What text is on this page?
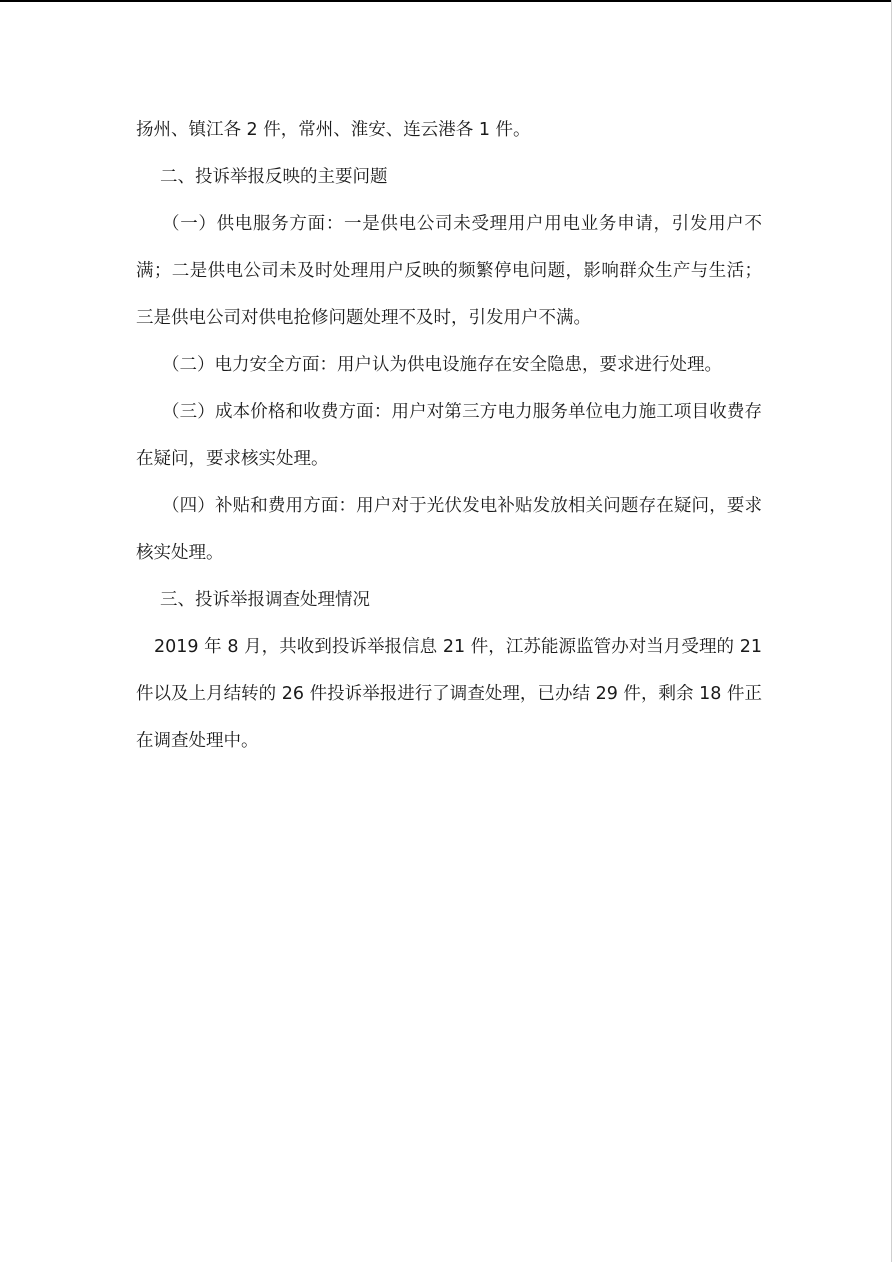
扬州、镇江各 2 件，常州、淮安、连云港各 1 件。

二、投诉举报反映的主要问题

（一）供电服务方面：一是供电公司未受理用户用电业务申请，引发用户不满；二是供电公司未及时处理用户反映的频繁停电问题，影响群众生产与生活；三是供电公司对供电抢修问题处理不及时，引发用户不满。

（二）电力安全方面：用户认为供电设施存在安全隐患，要求进行处理。

（三）成本价格和收费方面：用户对第三方电力服务单位电力施工项目收费存在疑问，要求核实处理。

（四）补贴和费用方面：用户对于光伏发电补贴发放相关问题存在疑问，要求核实处理。

三、投诉举报调查处理情况

2019 年 8 月，共收到投诉举报信息 21 件，江苏能源监管办对当月受理的 21 件以及上月结转的 26 件投诉举报进行了调查处理，已办结 29 件，剩余 18 件正在调查处理中。
